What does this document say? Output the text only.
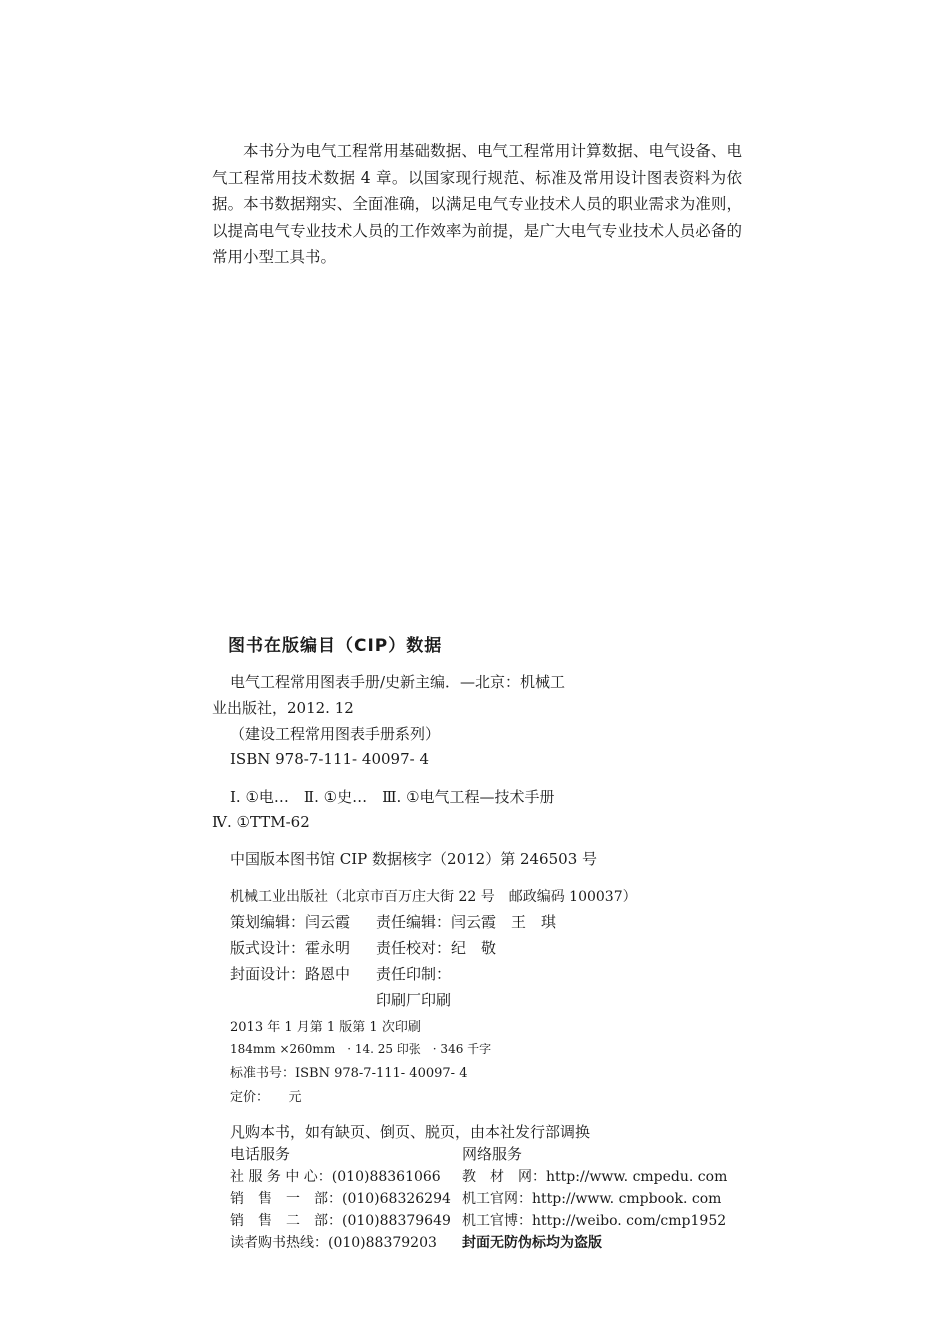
本书分为电气工程常用基础数据、电气工程常用计算数据、电气设备、电气工程常用技术数据 4 章。以国家现行规范、标准及常用设计图表资料为依据。本书数据翔实、全面准确，以满足电气专业技术人员的职业需求为准则，以提高电气专业技术人员的工作效率为前提，是广大电气专业技术人员必备的常用小型工具书。

图书在版编目（CIP）数据
电气工程常用图表手册/史新主编．—北京：机械工
业出版社，2012. 12
（建设工程常用图表手册系列）
ISBN 978-7-111- 40097- 4
Ⅰ. ①电…　Ⅱ. ①史…　Ⅲ. ①电气工程—技术手册
Ⅳ. ①TTM-62
中国版本图书馆 CIP 数据核字（2012）第 246503 号
机械工业出版社（北京市百万庄大街 22 号　邮政编码 100037）
策划编辑：闫云霞 责任编辑：闫云霞　王　琪
版式设计：霍永明 责任校对：纪　敬
封面设计：路恩中 责任印制：
印刷厂印刷
2013 年 1 月第 1 版第 1 次印刷
184mm ×260mm　· 14. 25 印张　· 346 千字
标准书号：ISBN 978-7-111- 40097- 4
定价：　　元
凡购本书，如有缺页、倒页、脱页，由本社发行部调换
电话服务	网络服务
社 服 务 中 心：(010)88361066 教　材　网：http://www. cmpedu. com
销　售　一　部：(010)68326294 机工官网：http://www. cmpbook. com
销　售　二　部：(010)88379649 机工官博：http://weibo. com/cmp1952
读者购书热线：(010)88379203 封面无防伪标均为盗版
